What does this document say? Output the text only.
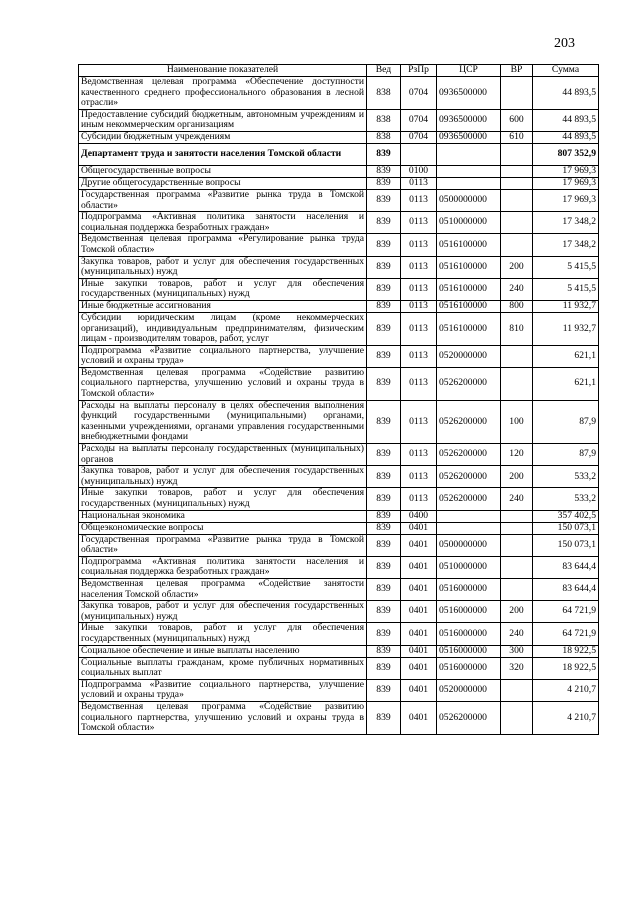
203
Наименование показателей	Вед	РзПр	ЦСР	ВР	Сумма
Ведомственная целевая программа «Обеспечение доступности качественного среднего профессионального образования в лесной отрасли»	838	0704	0936500000		44 893,5
Предоставление субсидий бюджетным, автономным учреждениям и иным некоммерческим организациям	838	0704	0936500000	600	44 893,5
Субсидии бюджетным учреждениям	838	0704	0936500000	610	44 893,5
Департамент труда и занятости населения Томской области	839				807 352,9
Общегосударственные вопросы	839	0100			17 969,3
Другие общегосударственные вопросы	839	0113			17 969,3
Государственная программа «Развитие рынка труда в Томской области»	839	0113	0500000000		17 969,3
Подпрограмма «Активная политика занятости населения и социальная поддержка безработных граждан»	839	0113	0510000000		17 348,2
Ведомственная целевая программа «Регулирование рынка труда Томской области»	839	0113	0516100000		17 348,2
Закупка товаров, работ и услуг для обеспечения государственных (муниципальных) нужд	839	0113	0516100000	200	5 415,5
Иные закупки товаров, работ и услуг для обеспечения государственных (муниципальных) нужд	839	0113	0516100000	240	5 415,5
Иные бюджетные ассигнования	839	0113	0516100000	800	11 932,7
Субсидии юридическим лицам (кроме некоммерческих организаций), индивидуальным предпринимателям, физическим лицам - производителям товаров, работ, услуг	839	0113	0516100000	810	11 932,7
Подпрограмма «Развитие социального партнерства, улучшение условий и охраны труда»	839	0113	0520000000		621,1
Ведомственная целевая программа «Содействие развитию социального партнерства, улучшению условий и охраны труда в Томской области»	839	0113	0526200000		621,1
Расходы на выплаты персоналу в целях обеспечения выполнения функций государственными (муниципальными) органами, казенными учреждениями, органами управления государственными внебюджетными фондами	839	0113	0526200000	100	87,9
Расходы на выплаты персоналу государственных (муниципальных) органов	839	0113	0526200000	120	87,9
Закупка товаров, работ и услуг для обеспечения государственных (муниципальных) нужд	839	0113	0526200000	200	533,2
Иные закупки товаров, работ и услуг для обеспечения государственных (муниципальных) нужд	839	0113	0526200000	240	533,2
Национальная экономика	839	0400			357 402,5
Общеэкономические вопросы	839	0401			150 073,1
Государственная программа «Развитие рынка труда в Томской области»	839	0401	0500000000		150 073,1
Подпрограмма «Активная политика занятости населения и социальная поддержка безработных граждан»	839	0401	0510000000		83 644,4
Ведомственная целевая программа «Содействие занятости населения Томской области»	839	0401	0516000000		83 644,4
Закупка товаров, работ и услуг для обеспечения государственных (муниципальных) нужд	839	0401	0516000000	200	64 721,9
Иные закупки товаров, работ и услуг для обеспечения государственных (муниципальных) нужд	839	0401	0516000000	240	64 721,9
Социальное обеспечение и иные выплаты населению	839	0401	0516000000	300	18 922,5
Социальные выплаты гражданам, кроме публичных нормативных социальных выплат	839	0401	0516000000	320	18 922,5
Подпрограмма «Развитие социального партнерства, улучшение условий и охраны труда»	839	0401	0520000000		4 210,7
Ведомственная целевая программа «Содействие развитию социального партнерства, улучшению условий и охраны труда в Томской области»	839	0401	0526200000		4 210,7
